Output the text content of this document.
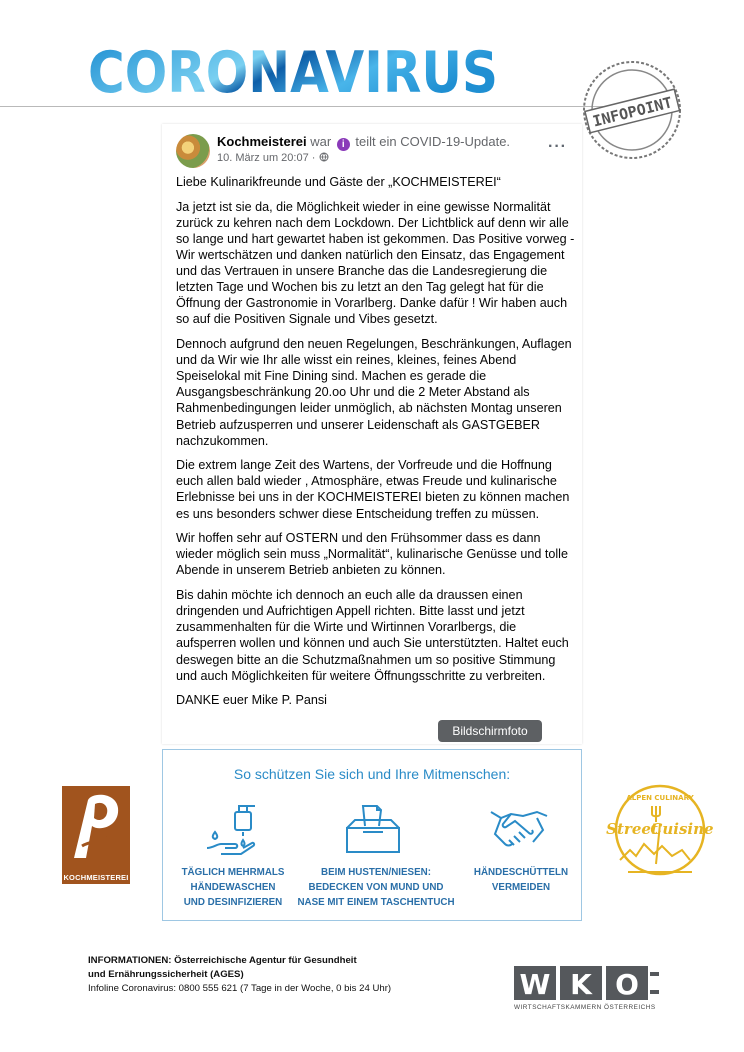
CORONAVIRUS
INFOPOINT
Kochmeisterei war i teilt ein COVID-19-Update.
10. März um 20:07 ·
···

Liebe Kulinarikfreunde und Gäste der „KOCHMEISTEREI“

Ja jetzt ist sie da, die Möglichkeit wieder in eine gewisse Normalität zurück zu kehren nach dem Lockdown. Der Lichtblick auf denn wir alle so lange und hart gewartet haben ist gekommen. Das Positive vorweg - Wir wertschätzen und danken natürlich den Einsatz, das Engagement und das Vertrauen in unsere Branche das die Landesregierung die letzten Tage und Wochen bis zu letzt an den Tag gelegt hat für die Öffnung der Gastronomie in Vorarlberg. Danke dafür ! Wir haben auch so auf die Positiven Signale und Vibes gesetzt.

Dennoch aufgrund den neuen Regelungen, Beschränkungen, Auflagen und da Wir wie Ihr alle wisst ein reines, kleines, feines Abend Speiselokal mit Fine Dining sind. Machen es gerade die Ausgangsbeschränkung 20.oo Uhr und die 2 Meter Abstand als Rahmenbedingungen leider unmöglich, ab nächsten Montag unseren Betrieb aufzusperren und unserer Leidenschaft als GASTGEBER nachzukommen.

Die extrem lange Zeit des Wartens, der Vorfreude und die Hoffnung euch allen bald wieder , Atmosphäre, etwas Freude und kulinarische Erlebnisse bei uns in der KOCHMEISTEREI bieten zu können machen es uns besonders schwer diese Entscheidung treffen zu müssen.

Wir hoffen sehr auf OSTERN und den Frühsommer dass es dann wieder möglich sein muss „Normalität“, kulinarische Genüsse und tolle Abende in unserem Betrieb anbieten zu können.

Bis dahin möchte ich dennoch an euch alle da draussen einen dringenden und Aufrichtigen Appell richten. Bitte lasst und jetzt zusammenhalten für die Wirte und Wirtinnen Vorarlbergs, die aufsperren wollen und können und auch Sie unterstützten. Haltet euch deswegen bitte an die Schutzmaßnahmen um so positive Stimmung und auch Möglichkeiten für weitere Öffnungsschritte zu verbreiten.

DANKE euer Mike P. Pansi

Bildschirmfoto
So schützen Sie sich und Ihre Mitmenschen:
TÄGLICH MEHRMALS
HÄNDEWASCHEN
UND DESINFIZIEREN
BEIM HUSTEN/NIESEN:
BEDECKEN VON MUND UND
NASE MIT EINEM TASCHENTUCH
HÄNDESCHÜTTELN
VERMEIDEN
KOCHMEISTEREI
ALPEN CULINARY
Street
Cuisine
INFORMATIONEN: Österreichische Agentur für Gesundheit
und Ernährungssicherheit (AGES)
Infoline Coronavirus: 0800 555 621 (7 Tage in der Woche, 0 bis 24 Uhr)	W K O
WIRTSCHAFTSKAMMERN ÖSTERREICHS
